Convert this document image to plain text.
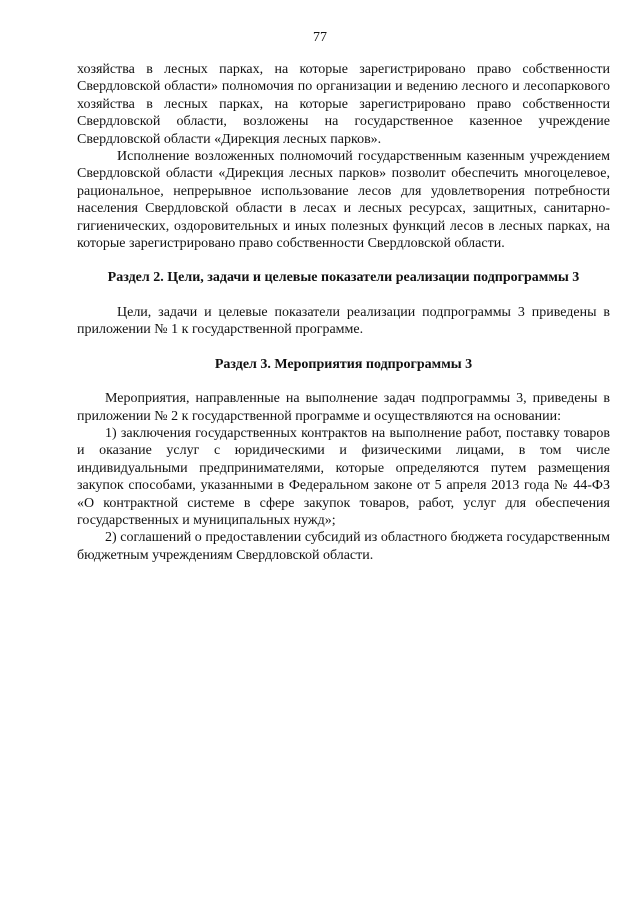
77

хозяйства в лесных парках, на которые зарегистрировано право собственности Свердловской области» полномочия по организации и ведению лесного и лесопаркового хозяйства в лесных парках, на которые зарегистрировано право собственности Свердловской области, возложены на государственное казенное учреждение Свердловской области «Дирекция лесных парков».

Исполнение возложенных полномочий государственным казенным учреждением Свердловской области «Дирекция лесных парков» позволит обеспечить многоцелевое, рациональное, непрерывное использование лесов для удовлетворения потребности населения Свердловской области в лесах и лесных ресурсах, защитных, санитарно-гигиенических, оздоровительных и иных полезных функций лесов в лесных парках, на которые зарегистрировано право собственности Свердловской области.

Раздел 2. Цели, задачи и целевые показатели реализации подпрограммы 3

Цели, задачи и целевые показатели реализации подпрограммы 3 приведены в приложении № 1 к государственной программе.

Раздел 3. Мероприятия подпрограммы 3

Мероприятия, направленные на выполнение задач подпрограммы 3, приведены в приложении № 2 к государственной программе и осуществляются на основании:

1) заключения государственных контрактов на выполнение работ, поставку товаров и оказание услуг с юридическими и физическими лицами, в том числе индивидуальными предпринимателями, которые определяются путем размещения закупок способами, указанными в Федеральном законе от 5 апреля 2013 года № 44-ФЗ «О контрактной системе в сфере закупок товаров, работ, услуг для обеспечения государственных и муниципальных нужд»;

2) соглашений о предоставлении субсидий из областного бюджета государственным бюджетным учреждениям Свердловской области.
